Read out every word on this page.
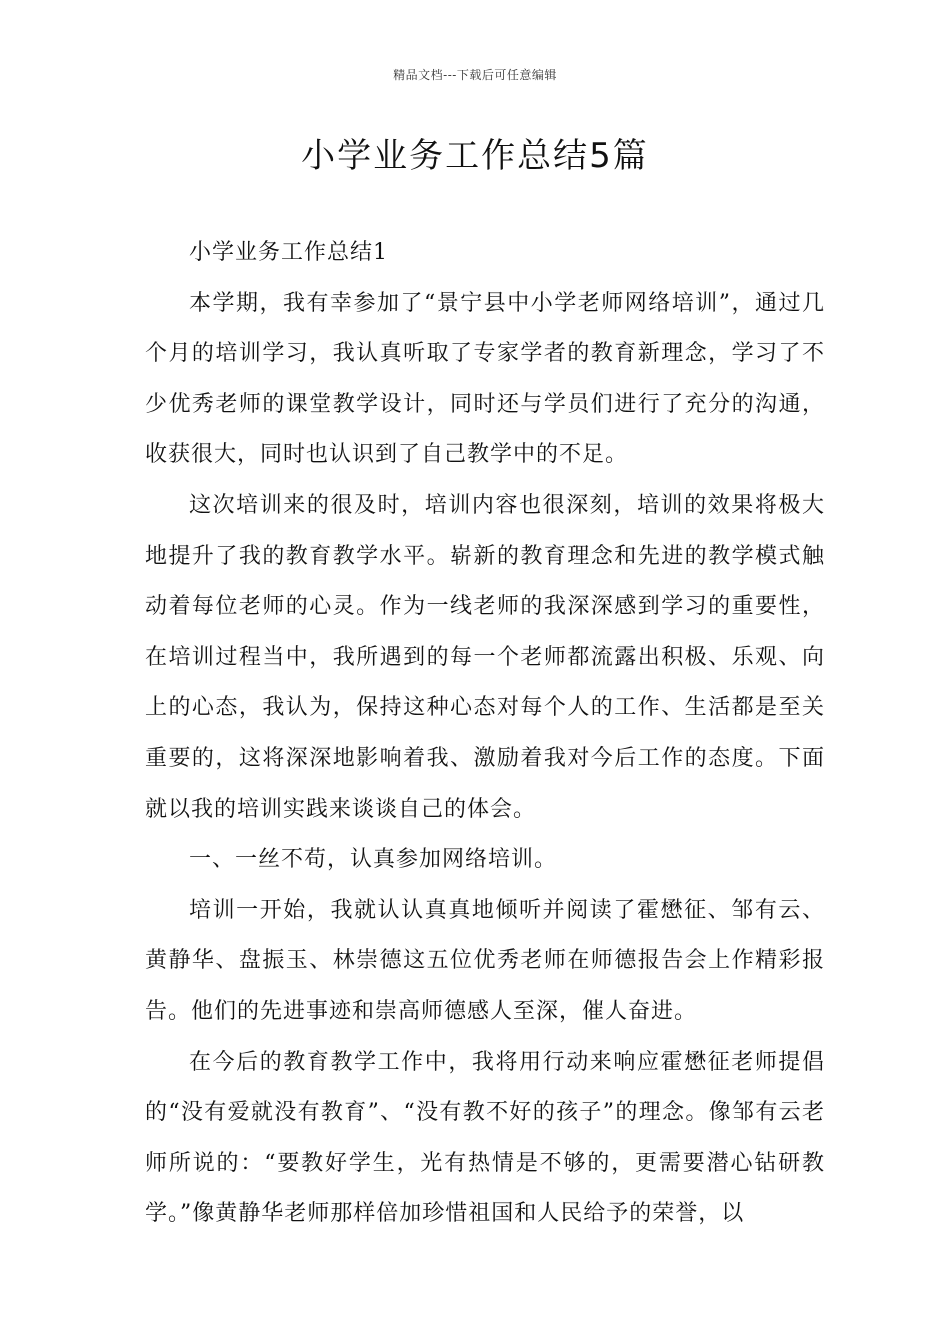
精品文档---下载后可任意编辑
小学业务工作总结5篇

小学业务工作总结1

本学期，我有幸参加了“景宁县中小学老师网络培训”，通过几个月的培训学习，我认真听取了专家学者的教育新理念，学习了不少优秀老师的课堂教学设计，同时还与学员们进行了充分的沟通，收获很大，同时也认识到了自己教学中的不足。

这次培训来的很及时，培训内容也很深刻，培训的效果将极大地提升了我的教育教学水平。崭新的教育理念和先进的教学模式触动着每位老师的心灵。作为一线老师的我深深感到学习的重要性，在培训过程当中，我所遇到的每一个老师都流露出积极、乐观、向上的心态，我认为，保持这种心态对每个人的工作、生活都是至关重要的，这将深深地影响着我、激励着我对今后工作的态度。下面就以我的培训实践来谈谈自己的体会。

一、一丝不苟，认真参加网络培训。

培训一开始，我就认认真真地倾听并阅读了霍懋征、邹有云、黄静华、盘振玉、林崇德这五位优秀老师在师德报告会上作精彩报告。他们的先进事迹和崇高师德感人至深，催人奋进。

在今后的教育教学工作中，我将用行动来响应霍懋征老师提倡的“没有爱就没有教育”、“没有教不好的孩子”的理念。像邹有云老师所说的：“要教好学生，光有热情是不够的，更需要潜心钻研教学。”像黄静华老师那样倍加珍惜祖国和人民给予的荣誉，以
